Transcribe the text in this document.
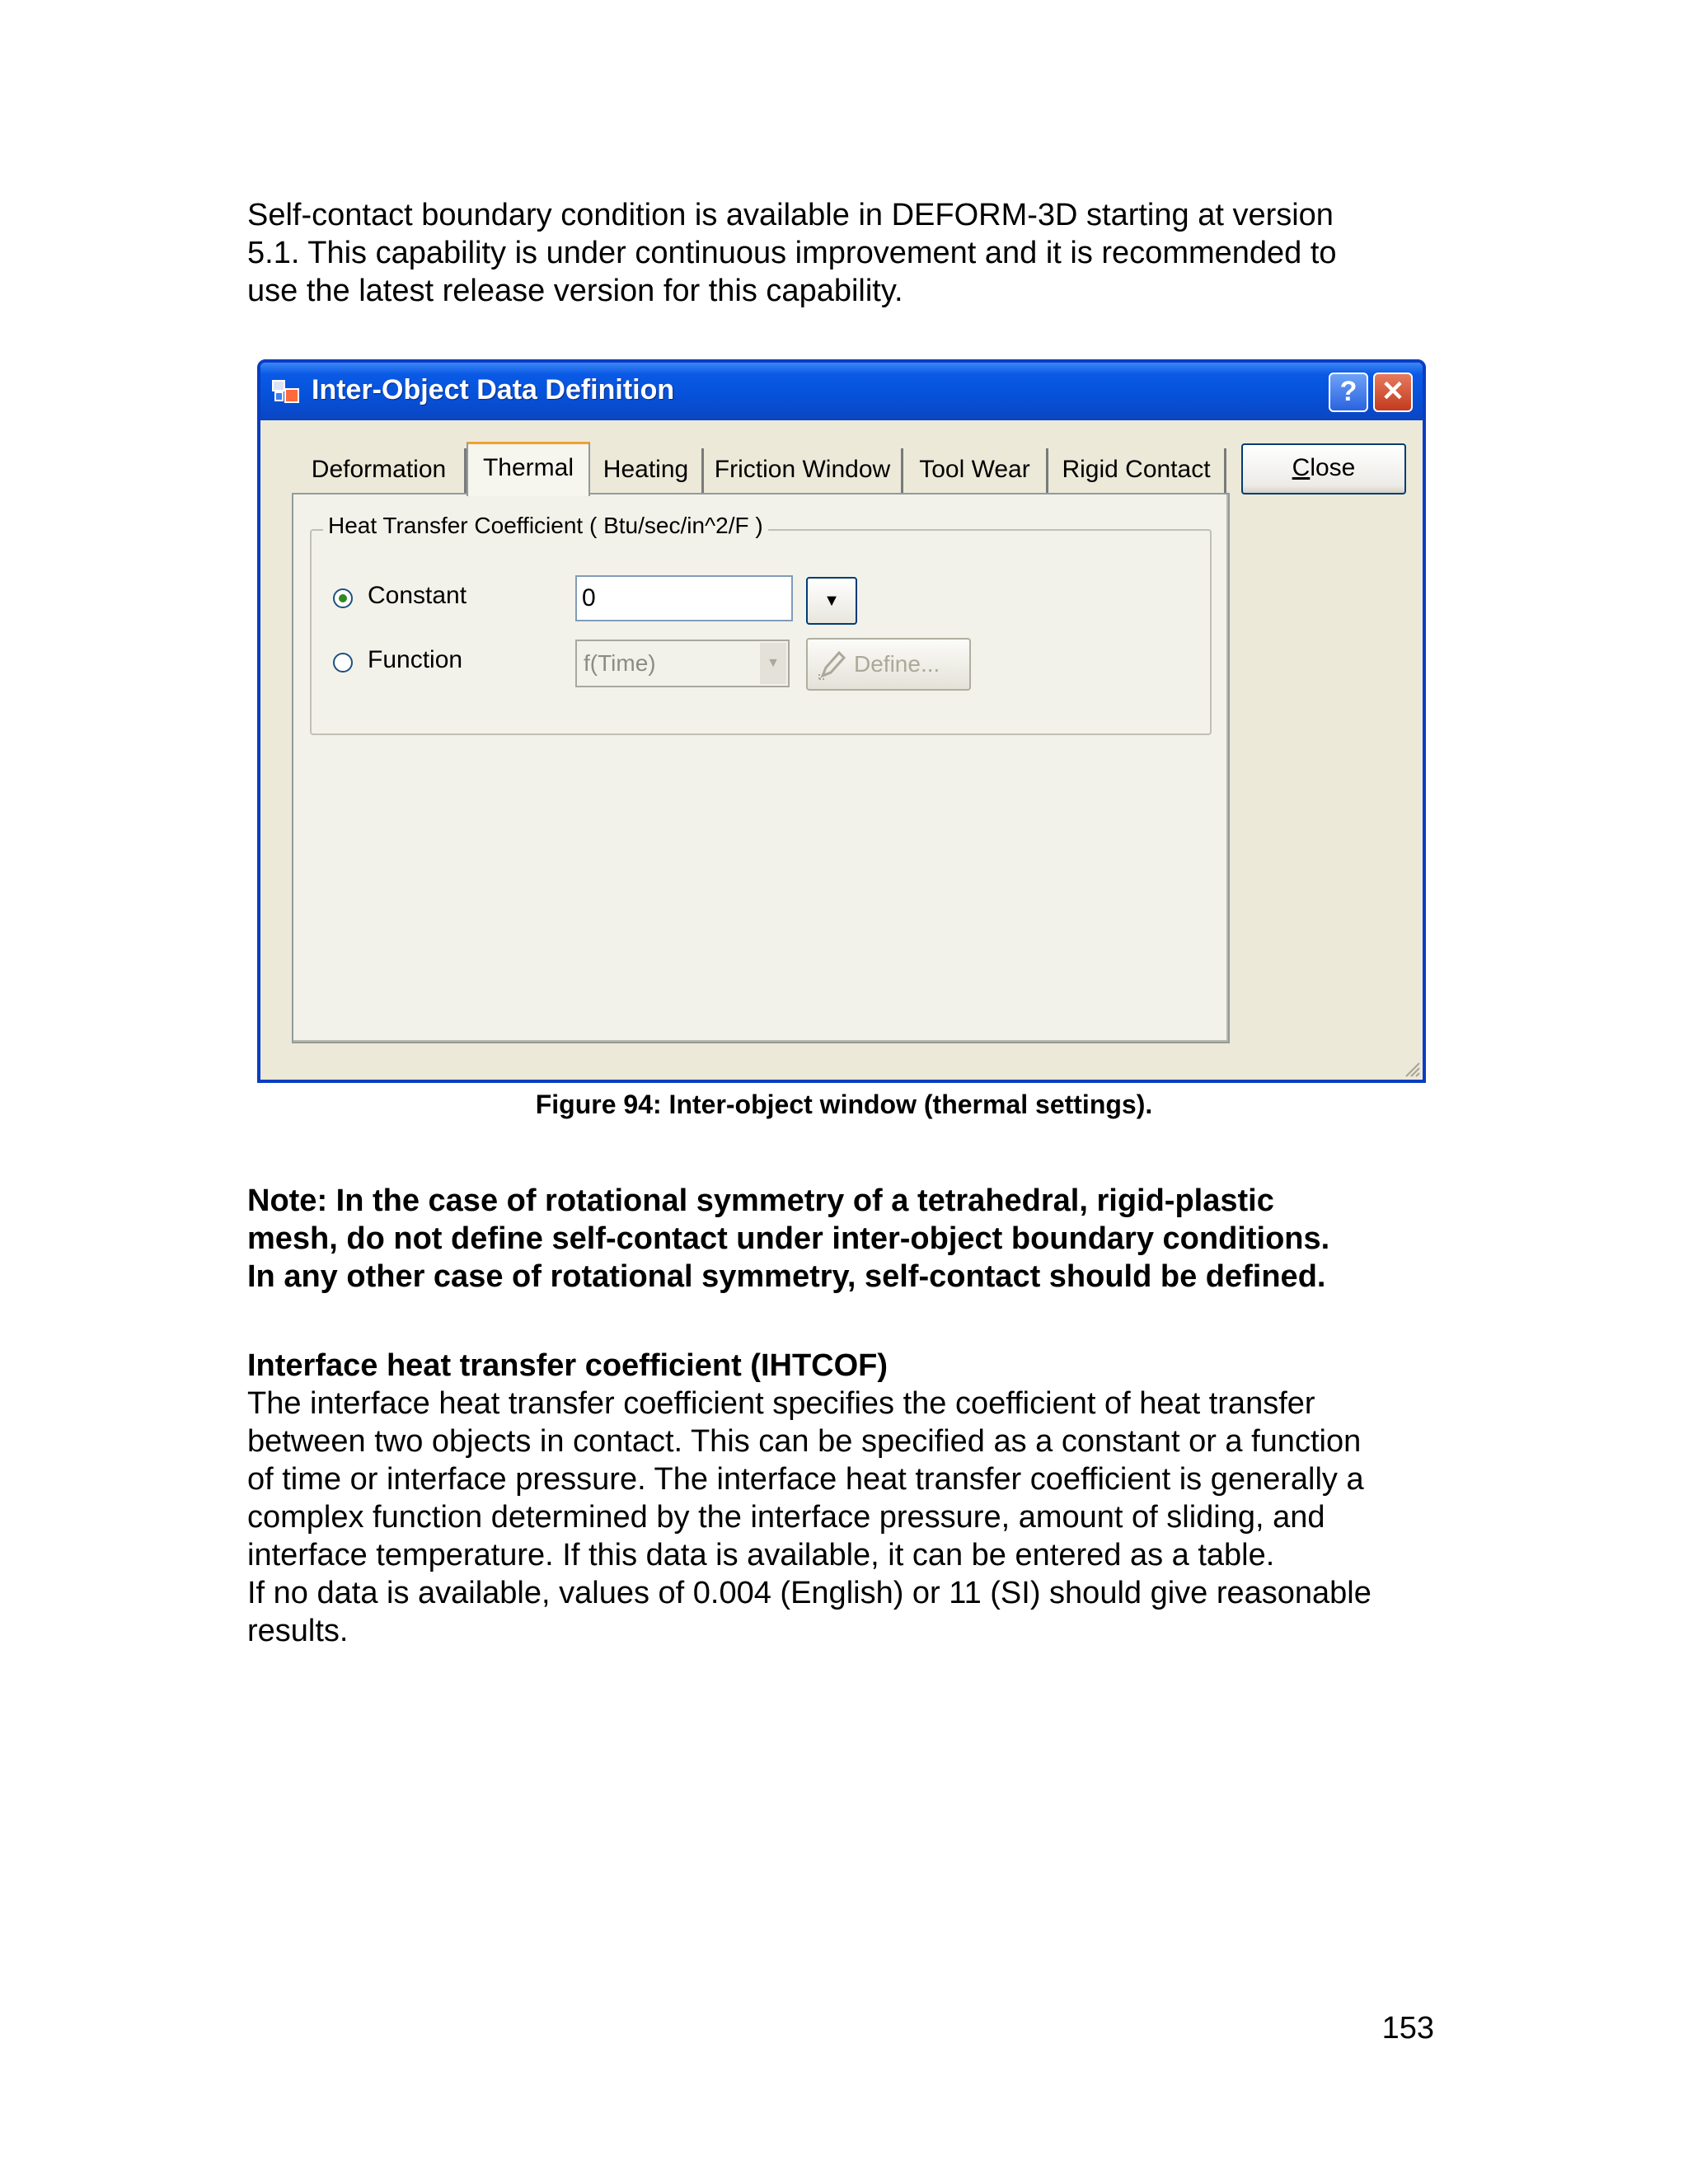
Self-contact boundary condition is available in DEFORM-3D starting at version
5.1. This capability is under continuous improvement and it is recommended to
use the latest release version for this capability.
Inter-Object Data Definition	? ✕
Deformation	Thermal	Heating	Friction Window	Tool Wear	Rigid Contact	Close
Heat Transfer Coefficient ( Btu/sec/in^2/F )
Constant	0	▼
Function	f(Time)	▼	Define...
Figure 94: Inter-object window (thermal settings).
Note: In the case of rotational symmetry of a tetrahedral, rigid-plastic
mesh, do not define self-contact under inter-object boundary conditions.
In any other case of rotational symmetry, self-contact should be defined.
Interface heat transfer coefficient (IHTCOF)
The interface heat transfer coefficient specifies the coefficient of heat transfer
between two objects in contact. This can be specified as a constant or a function
of time or interface pressure. The interface heat transfer coefficient is generally a
complex function determined by the interface pressure, amount of sliding, and
interface temperature. If this data is available, it can be entered as a table.
If no data is available, values of 0.004 (English) or 11 (SI) should give reasonable
results.
153
